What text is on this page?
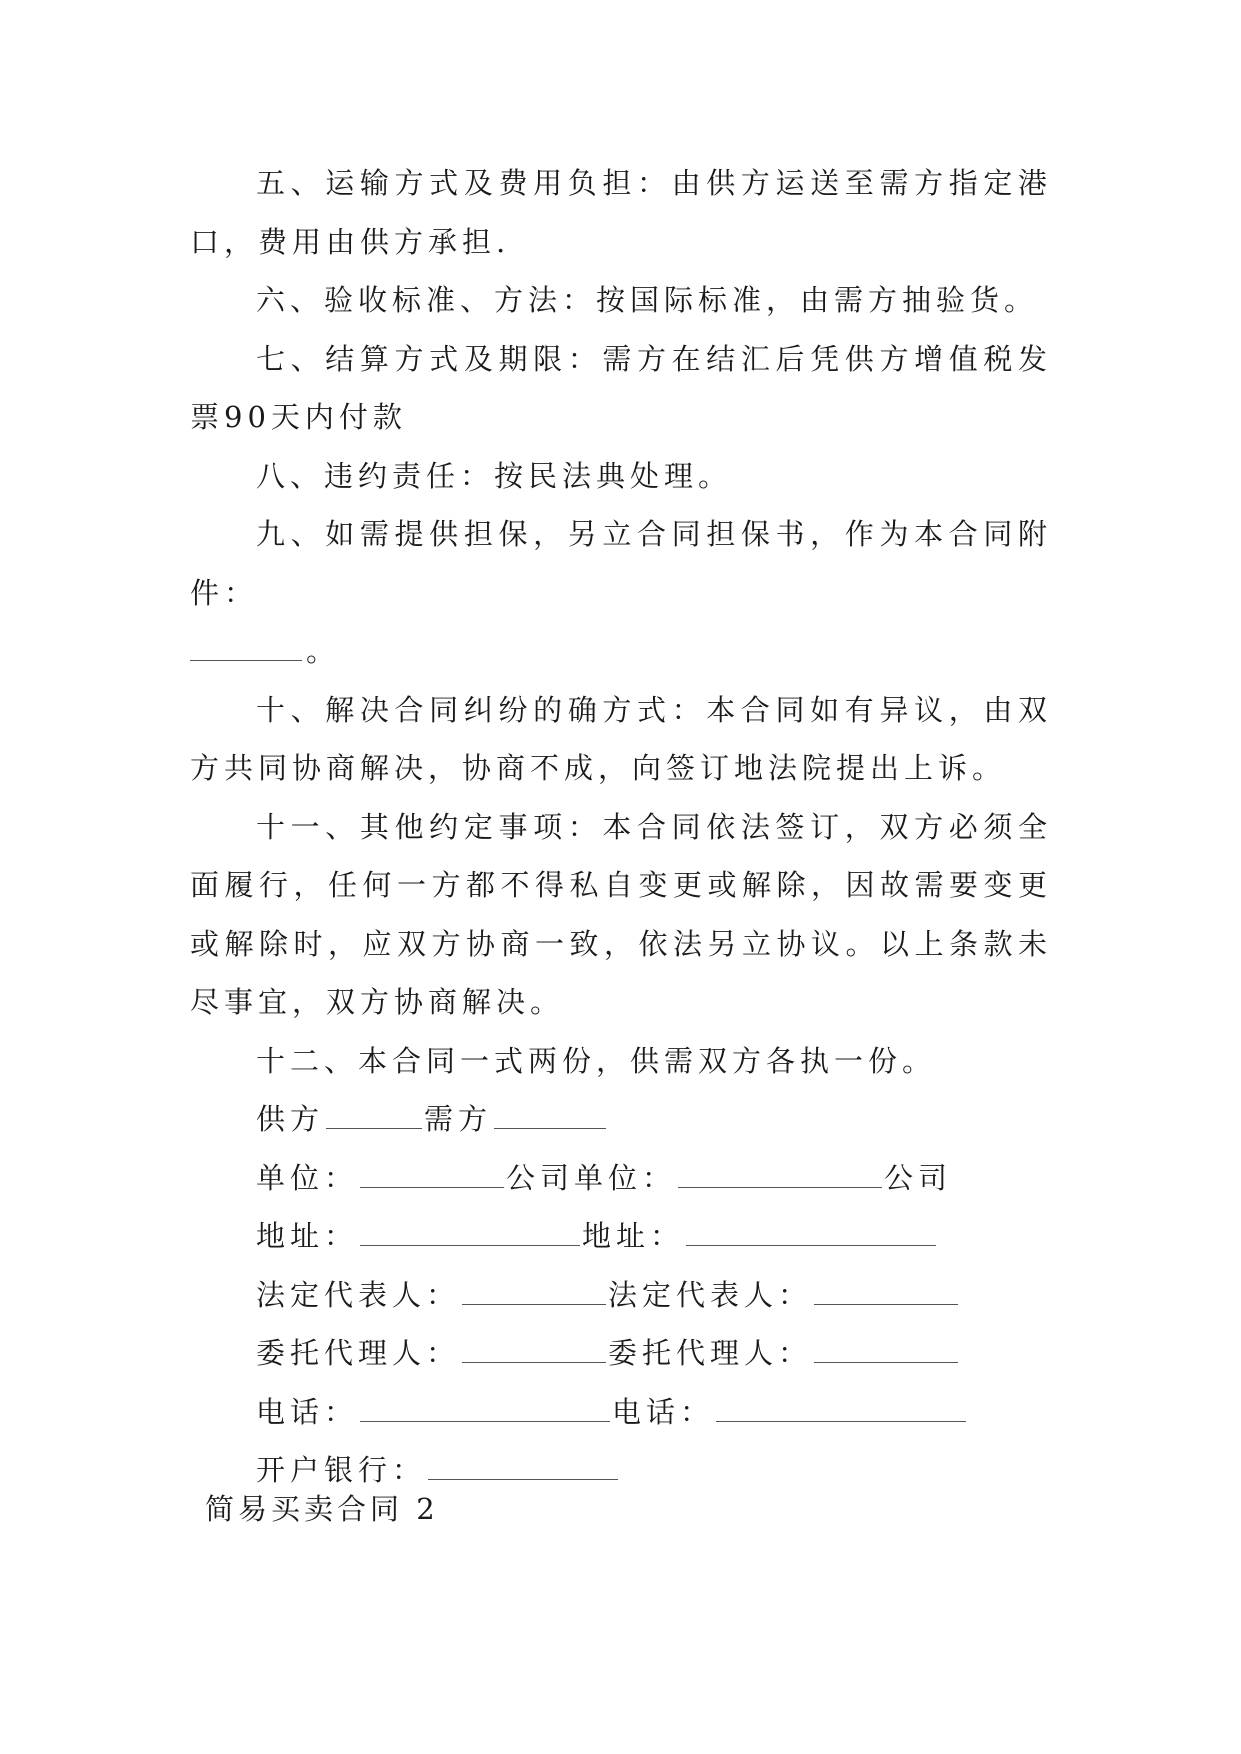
五、运输方式及费用负担：由供方运送至需方指定港口，费用由供方承担.

六、验收标准、方法：按国际标准，由需方抽验货。

七、结算方式及期限：需方在结汇后凭供方增值税发票90天内付款

八、违约责任：按民法典处理。

九、如需提供担保，另立合同担保书，作为本合同附件：
。

十、解决合同纠纷的确方式：本合同如有异议，由双方共同协商解决，协商不成，向签订地法院提出上诉。

十一、其他约定事项：本合同依法签订，双方必须全面履行，任何一方都不得私自变更或解除，因故需要变更或解除时，应双方协商一致，依法另立协议。以上条款未尽事宜，双方协商解决。

十二、本合同一式两份，供需双方各执一份。

供方	需方

单位：	公司单位：	公司

地址：	地址：

法定代表人：	法定代表人：

委托代理人：	委托代理人：

电话：	电话：

开户银行：

简易买卖合同 2
